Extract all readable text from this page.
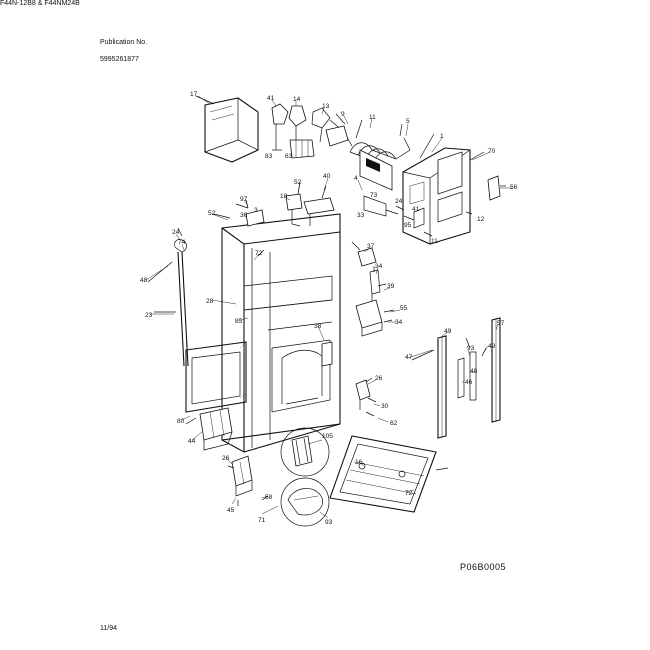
Publication No.

5995261877

F44N-12B8 & F44NM24B
17
41	14
13
9	11
5
1
70
83 63
52
40	4
56
97	18	73
12
52	3
33
41
36
24
95
11
24
74
72
37
34
48
39
28
55
23
85	34
38
49
57
47
93 49
48
46
26
30
62
80
44
105
26
16
72
58
93
45
71
P06B0005
11/94
